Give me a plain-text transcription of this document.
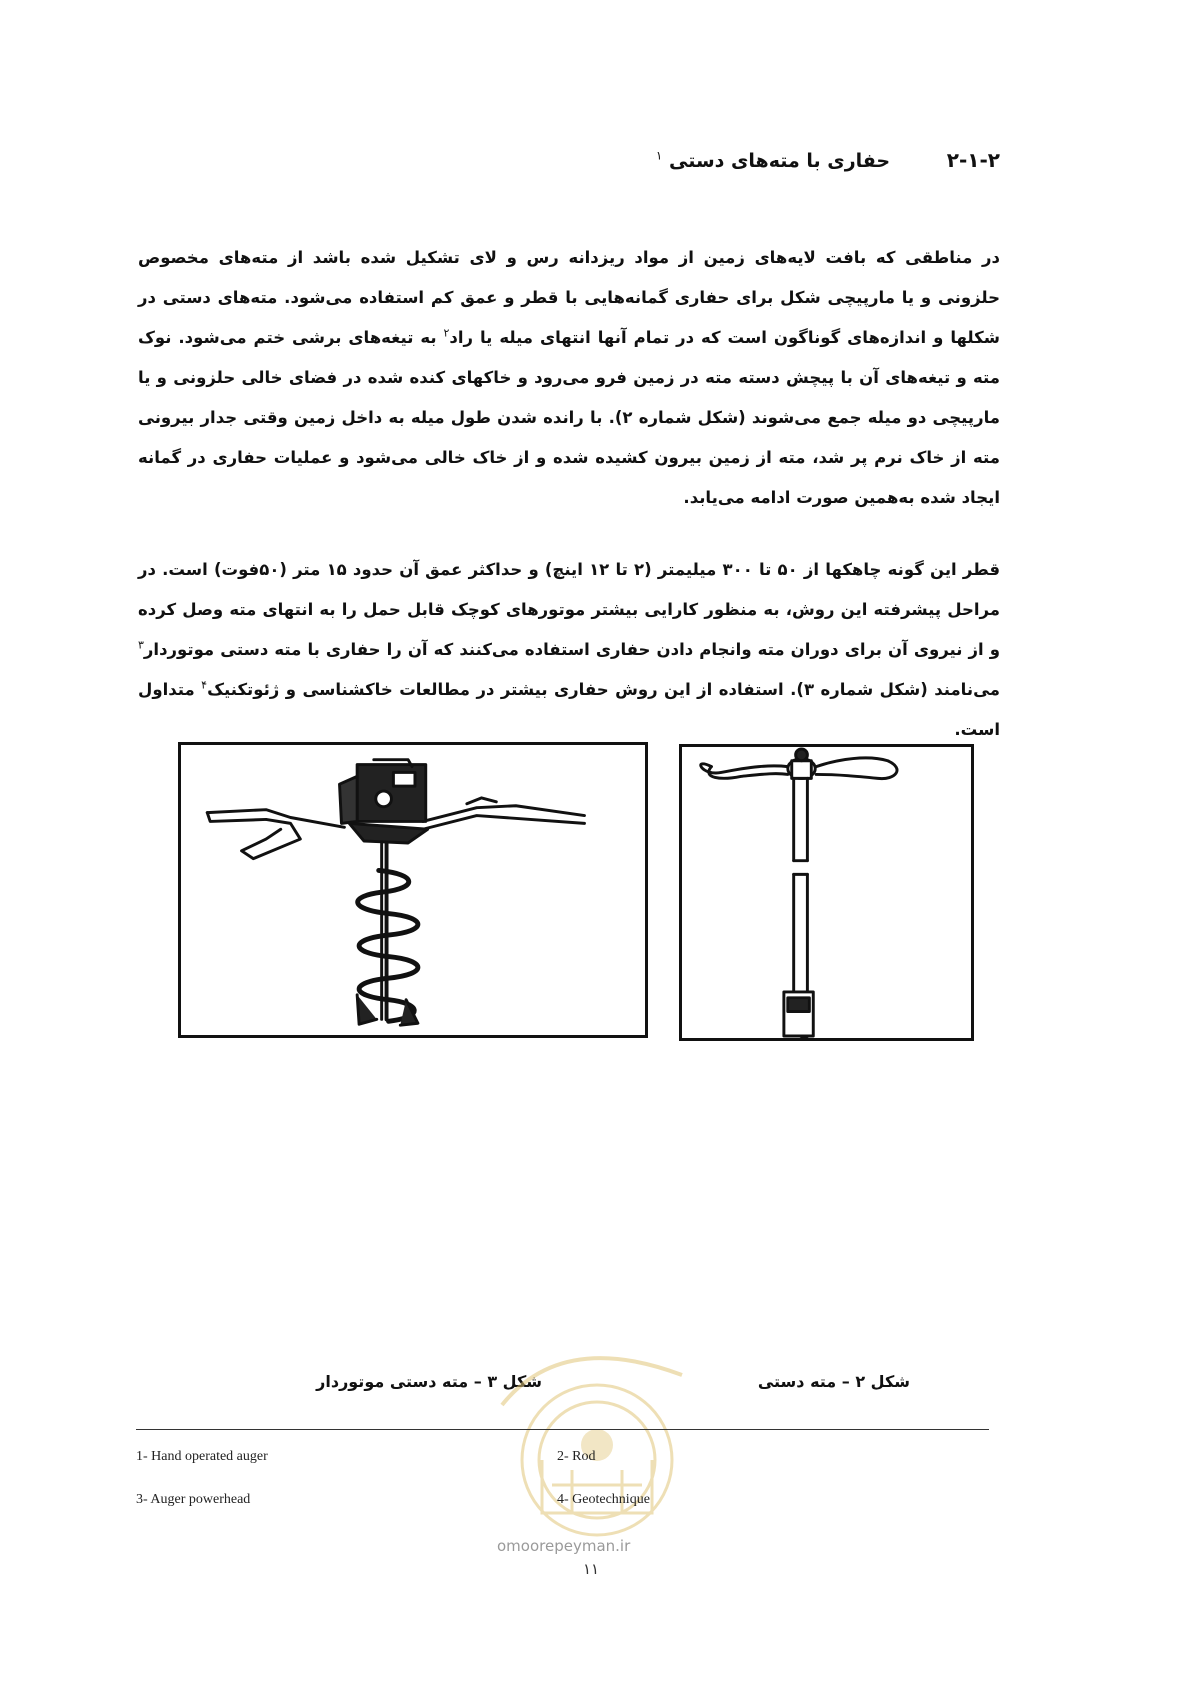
۲-۱-۲ حفاری با مته‌های دستی $^۱$
در مناطقی که بافت لایه‌های زمین از مواد ریزدانه رس و لای تشکیل شده باشد از مته‌های مخصوص حلزونی و یا مارپیچی شکل برای حفاری گمانه‌هایی با قطر و عمق کم استفاده می‌شود. مته‌های دستی در شکلها و اندازه‌های گوناگون است که در تمام آنها انتهای میله یا راد$^۲$ به تیغه‌های برشی ختم می‌شود. نوک مته و تیغه‌های آن با پیچش دسته مته در زمین فرو می‌رود و خاکهای کنده شده در فضای خالی حلزونی و یا مارپیچی دو میله جمع می‌شوند (شکل شماره ۲). با رانده شدن طول میله به داخل زمین وقتی جدار بیرونی مته از خاک نرم پر شد، مته از زمین بیرون کشیده شده و از خاک خالی می‌شود و عملیات حفاری در گمانه ایجاد شده به‌همین صورت ادامه می‌یابد.
قطر این گونه چاهکها از ۵۰ تا ۳۰۰ میلیمتر (۲ تا ۱۲ اینچ) و حداکثر عمق آن حدود ۱۵ متر (۵۰فوت) است. در مراحل پیشرفته این روش، به منظور کارایی بیشتر موتورهای کوچک قابل حمل را به انتهای مته وصل کرده و از نیروی آن برای دوران مته وانجام دادن حفاری استفاده می‌کنند که آن را حفاری با مته دستی موتوردار$^۳$ می‌نامند (شکل شماره ۳). استفاده از این روش حفاری بیشتر در مطالعات خاکشناسی و ژئوتکنیک$^۴$ متداول است.
شکل ۳ – مته دستی موتوردار	شکل ۲ – مته دستی
omoorepeyman.ir
1- Hand operated auger	2- Rod
3- Auger powerhead	4- Geotechnique
۱۱
